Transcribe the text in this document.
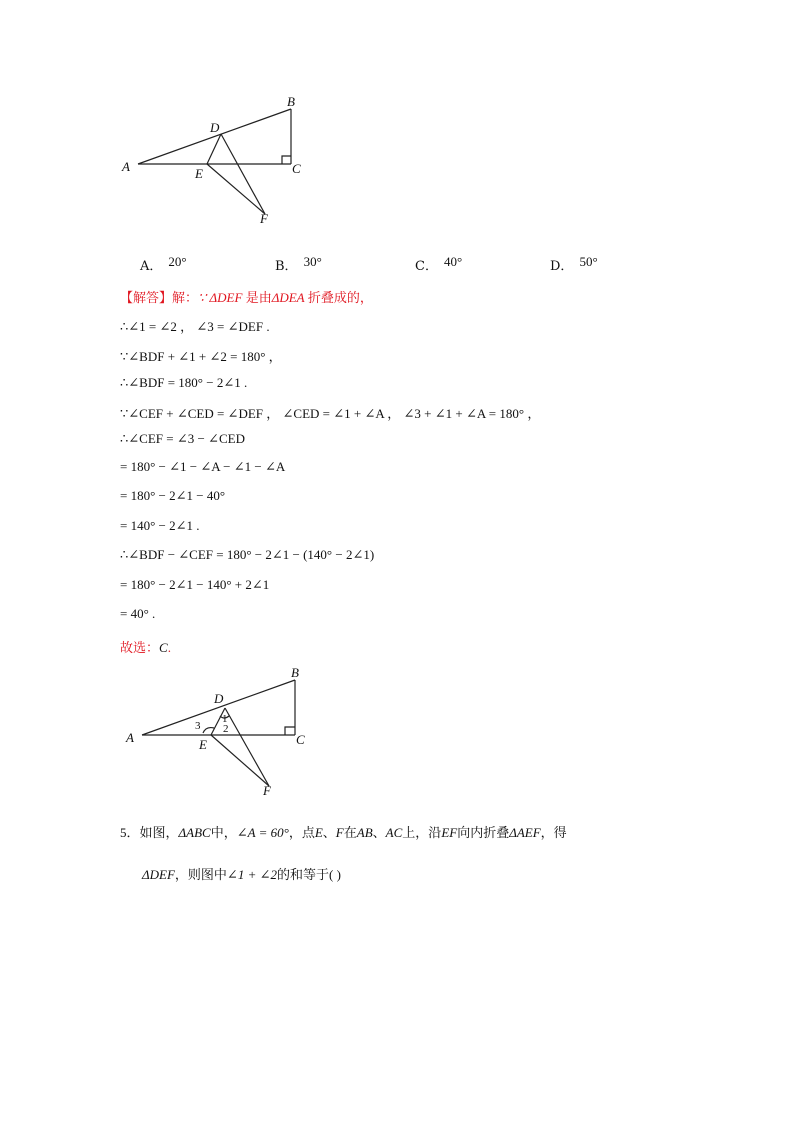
A
B
C
D
E
F
A． 20°	B． 30°	C． 40°	D． 50°
【解答】解：∵ ΔDEF 是由ΔDEA 折叠成的，
∴∠1 = ∠2 ， ∠3 = ∠DEF .
∵∠BDF + ∠1 + ∠2 = 180° ，
∴∠BDF = 180° − 2∠1 .
∵∠CEF + ∠CED = ∠DEF ， ∠CED = ∠1 + ∠A ， ∠3 + ∠1 + ∠A = 180° ，
∴∠CEF = ∠3 − ∠CED
= 180° − ∠1 − ∠A − ∠1 − ∠A
= 180° − 2∠1 − 40°
= 140° − 2∠1 .
∴∠BDF − ∠CEF = 180° − 2∠1 − (140° − 2∠1)
= 180° − 2∠1 − 140° + 2∠1
= 40° .
故选：C.
A
B
C
D
E
F
1
2
3
5．如图，ΔABC中，∠A = 60°，点E、F在AB、AC上，沿EF向内折叠ΔAEF，得
ΔDEF，则图中∠1 + ∠2的和等于( )
